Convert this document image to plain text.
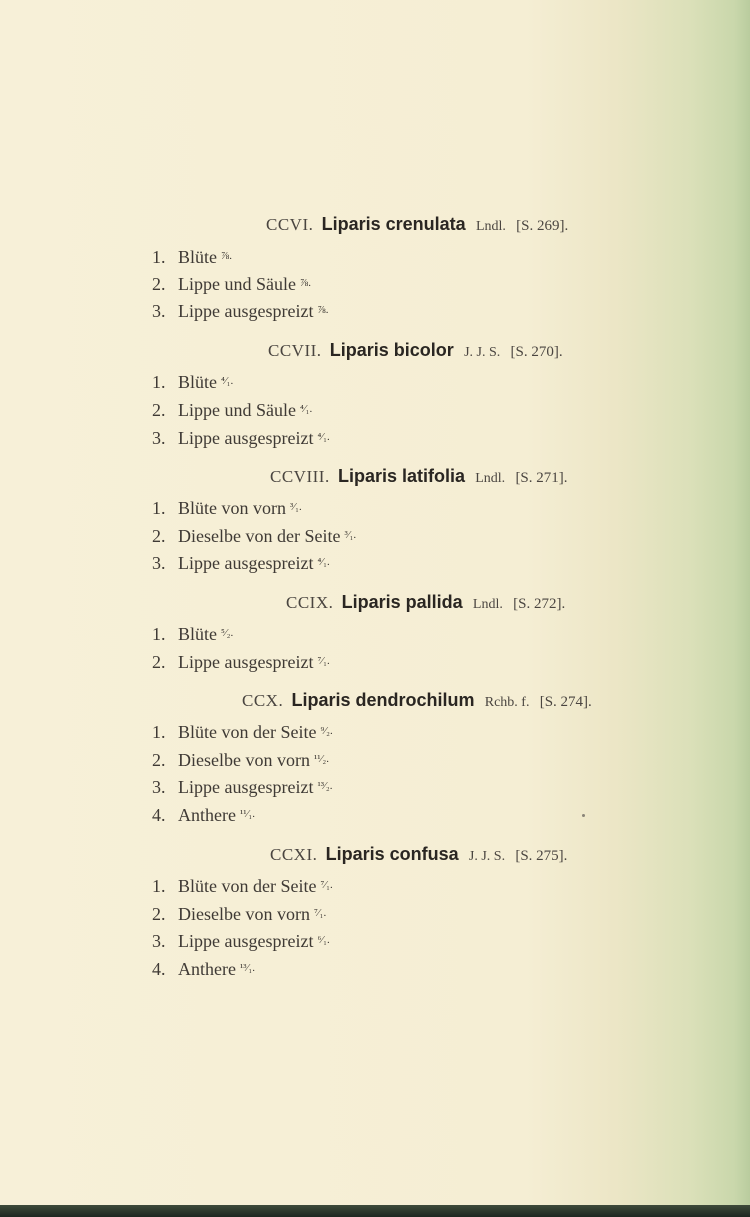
CCVI. Liparis crenulata Lndl. [S. 269].
1. Blüte $^{\frac{7}{8}.}$
2. Lippe und Säule $^{\frac{7}{8}.}$
3. Lippe ausgespreizt $^{\frac{7}{8}.}$
CCVII. Liparis bicolor J. J. S. [S. 270].
1. Blüte $^{^4⁄_1.}$
2. Lippe und Säule $^{^4⁄_1.}$
3. Lippe ausgespreizt $^{^4⁄_1.}$
CCVIII. Liparis latifolia Lndl. [S. 271].
1. Blüte von vorn $^{^3⁄_1.}$
2. Dieselbe von der Seite $^{^3⁄_1.}$
3. Lippe ausgespreizt $^{^4⁄_1.}$
CCIX. Liparis pallida Lndl. [S. 272].
1. Blüte $^{^5⁄_2.}$
2. Lippe ausgespreizt $^{^7⁄_1.}$
CCX. Liparis dendrochilum Rchb. f. [S. 274].
1. Blüte von der Seite $^{^9⁄_2.}$
2. Dieselbe von vorn $^{^{11}⁄_2.}$
3. Lippe ausgespreizt $^{^{13}⁄_2.}$
4. Anthere $^{^{11}⁄_1.}$
CCXI. Liparis confusa J. J. S. [S. 275].
1. Blüte von der Seite $^{^7⁄_1.}$
2. Dieselbe von vorn $^{^7⁄_1.}$
3. Lippe ausgespreizt $^{^6⁄_1.}$
4. Anthere $^{^{13}⁄_1.}$
